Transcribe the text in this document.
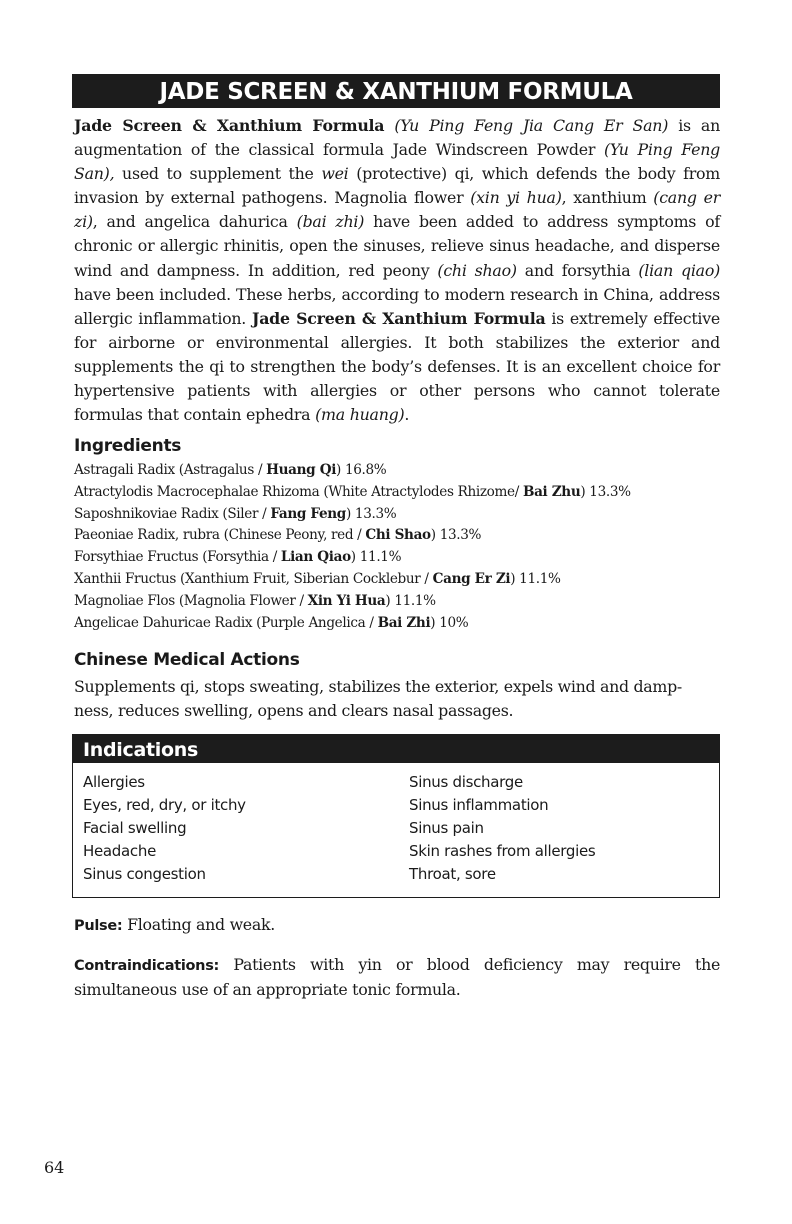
JADE SCREEN & XANTHIUM FORMULA
Jade Screen & Xanthium Formula (Yu Ping Feng Jia Cang Er San) is an augmentation of the classical formula Jade Windscreen Powder (Yu Ping Feng San), used to supplement the wei (protective) qi, which defends the body from invasion by external pathogens. Magnolia flower (xin yi hua), xanthium (cang er zi), and angelica dahurica (bai zhi) have been added to address symptoms of chronic or allergic rhinitis, open the sinuses, relieve sinus headache, and disperse wind and dampness. In addition, red peony (chi shao) and forsythia (lian qiao) have been included. These herbs, according to modern research in China, address allergic inflammation. Jade Screen & Xanthium Formula is extremely effective for airborne or environmental allergies. It both stabilizes the exterior and supplements the qi to strengthen the body’s defenses. It is an excellent choice for hypertensive patients with allergies or other persons who cannot tolerate formulas that contain ephedra (ma huang).
Ingredients
Astragali Radix (Astragalus / Huang Qi) 16.8%
Atractylodis Macrocephalae Rhizoma (White Atractylodes Rhizome/ Bai Zhu) 13.3%
Saposhnikoviae Radix (Siler / Fang Feng) 13.3%
Paeoniae Radix, rubra (Chinese Peony, red / Chi Shao) 13.3%
Forsythiae Fructus (Forsythia / Lian Qiao) 11.1%
Xanthii Fructus (Xanthium Fruit, Siberian Cocklebur / Cang Er Zi) 11.1%
Magnoliae Flos (Magnolia Flower / Xin Yi Hua) 11.1%
Angelicae Dahuricae Radix (Purple Angelica / Bai Zhi) 10%
Chinese Medical Actions
Supplements qi, stops sweating, stabilizes the exterior, expels wind and damp-
ness, reduces swelling, opens and clears nasal passages.
Indications
Allergies
Eyes, red, dry, or itchy
Facial swelling
Headache
Sinus congestion
Sinus discharge
Sinus inflammation
Sinus pain
Skin rashes from allergies
Throat, sore
Pulse: Floating and weak.
Contraindications: Patients with yin or blood deficiency may require the simultaneous use of an appropriate tonic formula.
64
